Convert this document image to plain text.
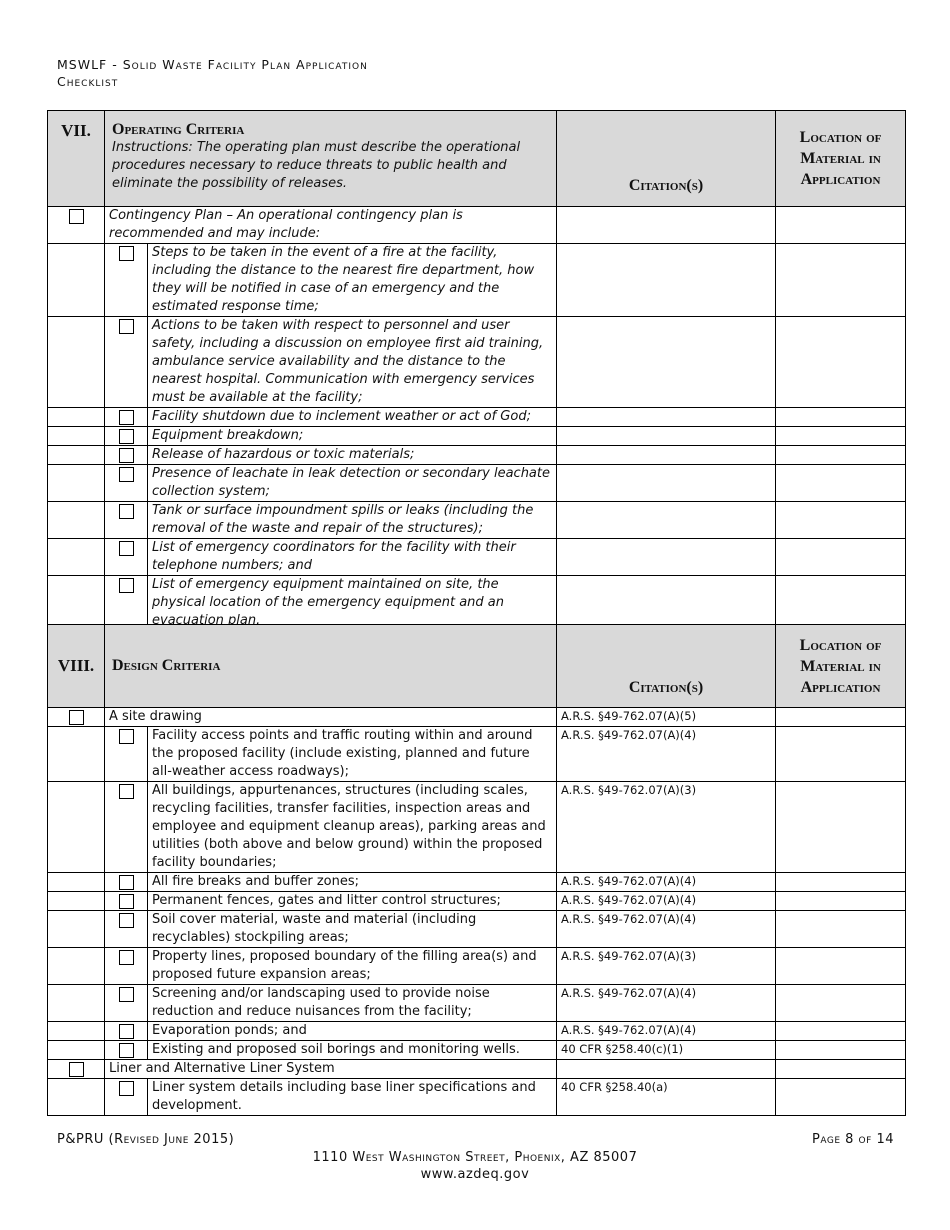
MSWLF - Solid Waste Facility Plan Application
Checklist
VII.	Operating Criteria
Instructions: The operating plan must describe the operational procedures necessary to reduce threats to public health and eliminate the possibility of releases.		Citation(s)	Location of Material in Application

	Contingency Plan – An operational contingency plan is recommended and may include:			

	Steps to be taken in the event of a fire at the facility, including the distance to the nearest fire department, how they will be notified in case of an emergency and the estimated response time;		

	Actions to be taken with respect to personnel and user safety, including a discussion on employee first aid training, ambulance service availability and the distance to the nearest hospital. Communication with emergency services must be available at the facility;		

	Facility shutdown due to inclement weather or act of God;		

	Equipment breakdown;		

	Release of hazardous or toxic materials;		

	Presence of leachate in leak detection or secondary leachate collection system;		

	Tank or surface impoundment spills or leaks (including the removal of the waste and repair of the structures);		

	List of emergency coordinators for the facility with their telephone numbers; and		

	List of emergency equipment maintained on site, the physical location of the emergency equipment and an evacuation plan.		
VIII.	Design Criteria		Citation(s)	Location of Material in Application

	A site drawing		A.R.S. §49-762.07(A)(5)	

	Facility access points and traffic routing within and around the proposed facility (include existing, planned and future all-weather access roadways);	A.R.S. §49-762.07(A)(4)	

	All buildings, appurtenances, structures (including scales, recycling facilities, transfer facilities, inspection areas and employee and equipment cleanup areas), parking areas and utilities (both above and below ground) within the proposed facility boundaries;	A.R.S. §49-762.07(A)(3)	

	All fire breaks and buffer zones;	A.R.S. §49-762.07(A)(4)	

	Permanent fences, gates and litter control structures;	A.R.S. §49-762.07(A)(4)	

	Soil cover material, waste and material (including recyclables) stockpiling areas;	A.R.S. §49-762.07(A)(4)	

	Property lines, proposed boundary of the filling area(s) and proposed future expansion areas;	A.R.S. §49-762.07(A)(3)	

	Screening and/or landscaping used to provide noise reduction and reduce nuisances from the facility;	A.R.S. §49-762.07(A)(4)	

	Evaporation ponds; and	A.R.S. §49-762.07(A)(4)	

	Existing and proposed soil borings and monitoring wells.	40 CFR §258.40(c)(1)	

	Liner and Alternative Liner System			

	Liner system details including base liner specifications and development.	40 CFR §258.40(a)	
P&PRU (Revised June 2015)	Page 8 of 14
1110 West Washington Street, Phoenix, AZ 85007
www.azdeq.gov
